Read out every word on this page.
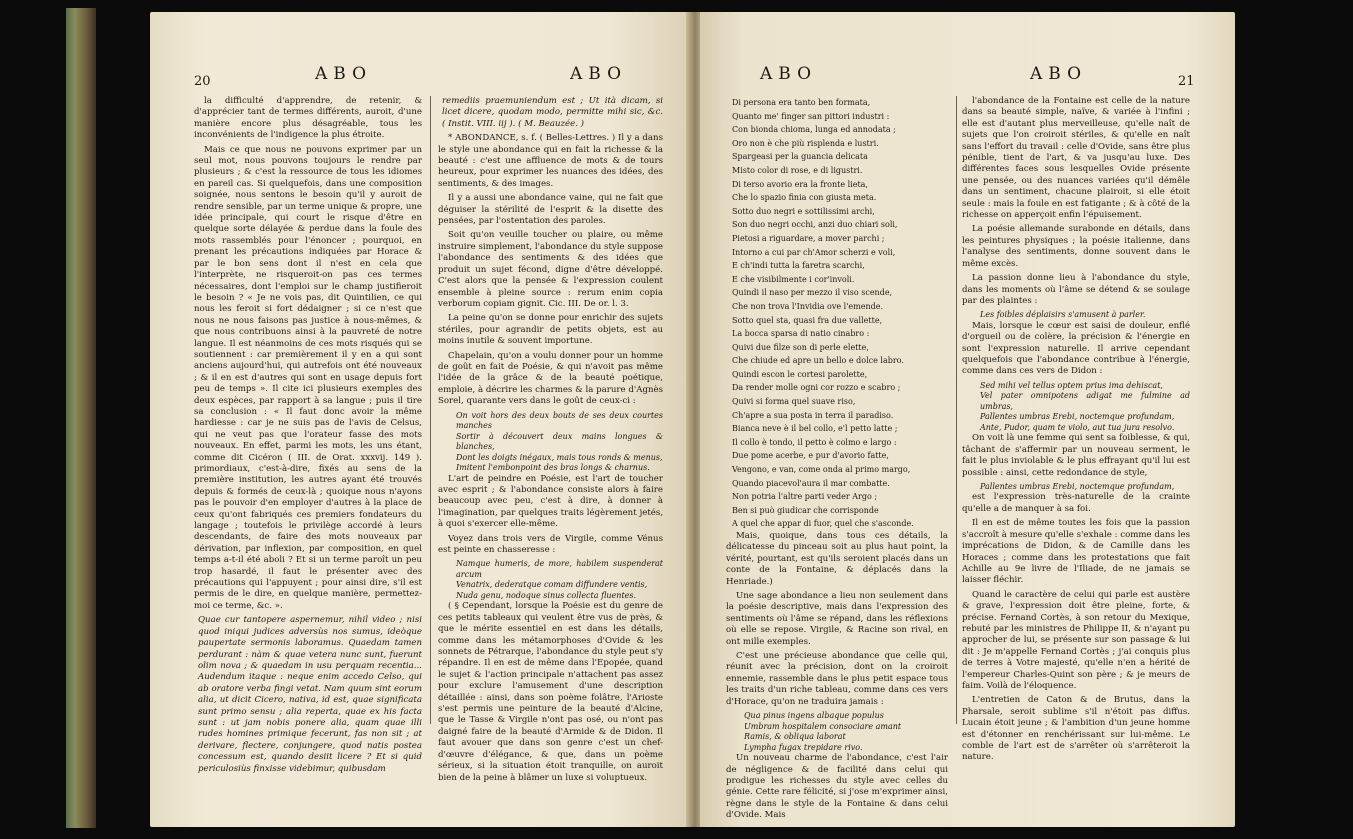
20	ABO	ABO

la difficulté d'apprendre, de retenir, & d'apprécier tant de termes différents, auroit, d'une manière encore plus désagréable, tous les inconvénients de l'indigence la plus étroite.

Mais ce que nous ne pouvons exprimer par un seul mot, nous pouvons toujours le rendre par plusieurs ; & c'est la ressource de tous les idiomes en pareil cas. Si quelquefois, dans une composition soignée, nous sentons le besoin qu'il y auroit de rendre sensible, par un terme unique & propre, une idée principale, qui court le risque d'être en quelque sorte délayée & perdue dans la foule des mots rassemblés pour l'énoncer ; pourquoi, en prenant les précautions indiquées par Horace & par le bon sens dont il n'est en cela que l'interprète, ne risqueroit-on pas ces termes nécessaires, dont l'emploi sur le champ justifieroit le besoin ? « Je ne vois pas, dit Quintilien, ce qui nous les feroit si fort dédaigner ; si ce n'est que nous ne nous faisons pas justice à nous-mêmes, & que nous contribuons ainsi à la pauvreté de notre langue. Il est néanmoins de ces mots risqués qui se soutiennent : car premièrement il y en a qui sont anciens aujourd'hui, qui autrefois ont été nouveaux ; & il en est d'autres qui sont en usage depuis fort peu de temps ». Il cite ici plusieurs exemples des deux espèces, par rapport à sa langue ; puis il tire sa conclusion : « Il faut donc avoir la même hardiesse : car je ne suis pas de l'avis de Celsus, qui ne veut pas que l'orateur fasse des mots nouveaux. En effet, parmi les mots, les uns étant, comme dit Cicéron ( III. de Orat. xxxvij. 149 ). primordiaux, c'est-à-dire, fixés au sens de la première institution, les autres ayant été trouvés depuis & formés de ceux-là ; quoique nous n'ayons pas le pouvoir d'en employer d'autres à la place de ceux qu'ont fabriqués ces premiers fondateurs du langage ; toutefois le privilège accordé à leurs descendants, de faire des mots nouveaux par dérivation, par inflexion, par composition, en quel temps a-t-il été aboli ? Et si un terme paroît un peu trop hasardé, il faut le présenter avec des précautions qui l'appuyent ; pour ainsi dire, s'il est permis de le dire, en quelque manière, permettez-moi ce terme, &c. ».

Quae cur tantopere aspernemur, nihil video ; nisi quod iniqui judices adversùs nos sumus, ideòque paupertate sermonis laboramus. Quaedam tamen perdurant : nàm & quae vetera nunc sunt, fuerunt olim nova ; & quaedam in usu perquam recentia... Audendum itaque : neque enim accedo Celso, qui ab oratore verba fingi vetat. Nam quum sint eorum alia, ut dicit Cicero, nativa, id est, quae significata sunt primo sensu ; alia reperta, quae ex his facta sunt : ut jam nobis ponere alia, quam quae illi rudes homines primique fecerunt, fas non sit ; at derivare, flectere, conjungere, quod natis postea concessum est, quando desiit licere ? Et si quid periculosiùs finxisse videbimur, quibusdam

remediis praemuniendum est ; Ut ità dicam, si licet dicere, quodam modo, permitte mihi sic, &c. ( Instit. VIII. iij ). ( M. Beauzée. )

* ABONDANCE, s. f. ( Belles-Lettres. ) Il y a dans le style une abondance qui en fait la richesse & la beauté : c'est une affluence de mots & de tours heureux, pour exprimer les nuances des idées, des sentiments, & des images.

Il y a aussi une abondance vaine, qui ne fait que déguiser la stérilité de l'esprit & la disette des pensées, par l'ostentation des paroles.

Soit qu'on veuille toucher ou plaire, ou même instruire simplement, l'abondance du style suppose l'abondance des sentiments & des idées que produit un sujet fécond, digne d'être développé. C'est alors que la pensée & l'expression coulent ensemble à pleine source : rerum enim copia verborum copiam gignit. Cic. III. De or. l. 3.

La peine qu'on se donne pour enrichir des sujets stériles, pour agrandir de petits objets, est au moins inutile & souvent importune.

Chapelain, qu'on a voulu donner pour un homme de goût en fait de Poésie, & qui n'avoit pas même l'idée de la grâce & de la beauté poétique, emploie, à décrire les charmes & la parure d'Agnès Sorel, quarante vers dans le goût de ceux-ci :

On voit hors des deux bouts de ses deux courtes manches
Sortir à découvert deux mains longues & blanches,
Dont les doigts inégaux, mais tous ronds & menus,
Imitent l'embonpoint des bras longs & charnus.

L'art de peindre en Poésie, est l'art de toucher avec esprit ; & l'abondance consiste alors à faire beaucoup avec peu, c'est à dire, à donner à l'imagination, par quelques traits légèrement jetés, à quoi s'exercer elle-même.

Voyez dans trois vers de Virgile, comme Vénus est peinte en chasseresse :

Namque humeris, de more, habilem suspenderat arcum
Venatrix, dederatque comam diffundere ventis,
Nuda genu, nodoque sinus collecta fluentes.

( § Cependant, lorsque la Poésie est du genre de ces petits tableaux qui veulent être vus de près, & que le mérite essentiel en est dans les détails, comme dans les métamorphoses d'Ovide & les sonnets de Pétrarque, l'abondance du style peut s'y répandre. Il en est de même dans l'Epopée, quand le sujet & l'action principale n'attachent pas assez pour exclure l'amusement d'une description détaillée : ainsi, dans son poème folâtre, l'Arioste s'est permis une peinture de la beauté d'Alcine, que le Tasse & Virgile n'ont pas osé, ou n'ont pas daigné faire de la beauté d'Armide & de Didon. Il faut avouer que dans son genre c'est un chef-d'œuvre d'élégance, & que, dans un poème sérieux, si la situation étoit tranquille, on auroit bien de la peine à blâmer un luxe si voluptueux.

ABO	ABO	21

Di persona era tanto ben formata,
Quanto me' finger san pittori industri :
Con bionda chioma, lunga ed annodata ;
Oro non è che più risplenda e lustri.
Spargeasi per la guancia delicata
Misto color di rose, e di ligustri.
Di terso avorio era la fronte lieta,
Che lo spazio finia con giusta meta.
Sotto duo negri e sottilissimi archi,
Son duo negri occhi, anzi duo chiari soli,
Pietosi a riguardare, a mover parchi ;
Intorno a cui par ch'Amor scherzi e voli,
E ch'indi tutta la faretra scarchi,
E che visibilmente i cor'involi.
Quindi il naso per mezzo il viso scende,
Che non trova l'Invidia ove l'emende.
Sotto quel sta, quasi fra due vallette,
La bocca sparsa di natio cinabro :
Quivi due filze son di perle elette,
Che chiude ed apre un bello e dolce labro.
Quindi escon le cortesi parolette,
Da render molle ogni cor rozzo e scabro ;
Quivi si forma quel suave riso,
Ch'apre a sua posta in terra il paradiso.
Bianca neve è il bel collo, e'l petto latte ;
Il collo è tondo, il petto è colmo e largo :
Due pome acerbe, e pur d'avorio fatte,
Vengono, e van, come onda al primo margo,
Quando piacevol'aura il mar combatte.
Non potria l'altre parti veder Argo ;
Ben si può giudicar che corrisponde
A quel che appar di fuor, quel che s'asconde.

Mais, quoique, dans tous ces détails, la délicatesse du pinceau soit au plus haut point, la vérité, pourtant, est qu'ils seroient placés dans un conte de la Fontaine, & déplacés dans la Henriade.)

Une sage abondance a lieu non seulement dans la poésie descriptive, mais dans l'expression des sentiments où l'âme se répand, dans les réflexions où elle se repose. Virgile, & Racine son rival, en ont mille exemples.

C'est une précieuse abondance que celle qui, réunit avec la précision, dont on la croiroit ennemie, rassemble dans le plus petit espace tous les traits d'un riche tableau, comme dans ces vers d'Horace, qu'on ne traduira jamais :

Qua pinus ingens albaque populus
Umbram hospitalem consociare amant
Ramis, & obliqua laborat
Lympha fugax trepidare rivo.

Un nouveau charme de l'abondance, c'est l'air de négligence & de facilité dans celui qui prodigue les richesses du style avec celles du génie. Cette rare félicité, si j'ose m'exprimer ainsi, règne dans le style de la Fontaine & dans celui d'Ovide. Mais

l'abondance de la Fontaine est celle de la nature dans sa beauté simple, naïve, & variée à l'infini ; elle est d'autant plus merveilleuse, qu'elle naît de sujets que l'on croiroit stériles, & qu'elle en naît sans l'effort du travail : celle d'Ovide, sans être plus pénible, tient de l'art, & va jusqu'au luxe. Des différentes faces sous lesquelles Ovide présente une pensée, ou des nuances variées qu'il démêle dans un sentiment, chacune plairoit, si elle étoit seule : mais la foule en est fatigante ; & à côté de la richesse on apperçoit enfin l'épuisement.

La poésie allemande surabonde en détails, dans les peintures physiques ; la poésie italienne, dans l'analyse des sentiments, donne souvent dans le même excès.

La passion donne lieu à l'abondance du style, dans les moments où l'âme se détend & se soulage par des plaintes :

Les foibles déplaisirs s'amusent à parler.

Mais, lorsque le cœur est saisi de douleur, enflé d'orgueil ou de colère, la précision & l'énergie en sont l'expression naturelle. Il arrive cependant quelquefois que l'abondance contribue à l'énergie, comme dans ces vers de Didon :

Sed mihi vel tellus optem prius ima dehiscat,
Vel pater omnipotens adigat me fulmine ad umbras,
Pallentes umbras Erebi, noctemque profundam,
Ante, Pudor, quam te violo, aut tua jura resolvo.

On voit là une femme qui sent sa foiblesse, & qui, tâchant de s'affermir par un nouveau serment, le fait le plus inviolable & le plus effrayant qu'il lui est possible : ainsi, cette redondance de style,

Pallentes umbras Erebi, noctemque profundam,

est l'expression très-naturelle de la crainte qu'elle a de manquer à sa foi.

Il en est de même toutes les fois que la passion s'accroît à mesure qu'elle s'exhale : comme dans les imprécations de Didon, & de Camille dans les Horaces ; comme dans les protestations que fait Achille au 9e livre de l'Iliade, de ne jamais se laisser fléchir.

Quand le caractère de celui qui parle est austère & grave, l'expression doit être pleine, forte, & précise. Fernand Cortès, à son retour du Mexique, rebuté par les ministres de Philippe II, & n'ayant pu approcher de lui, se présente sur son passage & lui dit : Je m'appelle Fernand Cortès ; j'ai conquis plus de terres à Votre majesté, qu'elle n'en a hérité de l'empereur Charles-Quint son père ; & je meurs de faim. Voilà de l'éloquence.

L'entretien de Caton & de Brutus, dans la Pharsale, seroit sublime s'il n'étoit pas diffus. Lucain étoit jeune ; & l'ambition d'un jeune homme est d'étonner en renchérissant sur lui-même. Le comble de l'art est de s'arrêter où s'arrêteroit la nature.
